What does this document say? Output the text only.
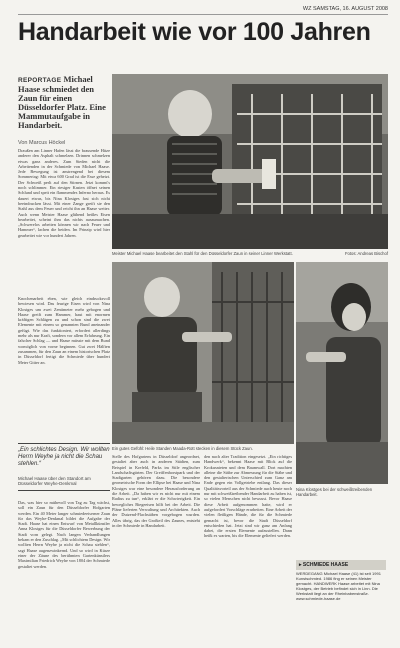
WZ SAMSTAG, 16. AUGUST 2008
Handarbeit wie vor 100 Jahren
REPORTAGE Michael Haase schmiedet den Zaun für einen Düsseldorfer Platz. Eine Mammutaufgabe in Handarbeit.
Von Marcus Höckel
Meister Michael Haase bearbeitet den Stahl für den Düsseldorfer Zaun in seiner Linner Werkstatt.	Fotos: Andreas Bischof
Draußen am Linner Hafen lässt die brausende Hitze anderer den Asphalt schmelzen. Drinnen schmelzen etwas ganz anderes. Zum Sieden nicht die Arbeitenden in der Schmiede von Michael Haase. Jede Bewegung ist anstrengend bei diesem Sommertag: Mit etwa 600 Grad ist die Esse geheizt. Der Schweiß perlt auf den Stirnen. Jetzt kommt's noch schlimmer. Ein riesiger Kasten öffnet seinen Schlund und speit ein flammendes Inferno heraus. Es dauert etwas, bis Nina Klostges fast sich nicht beeindrucken lässt. Mit einer Zange greift sie den Stahl aus dem Feuer und reicht ihn an Haase weiter. Auch wenn Meister Haase glühend heißes Eisen bearbeitet, scheint ihm das nichts auszumachen. „Schwerelos arbeiten können wir nach Feuer und Hammer“, lachen die beiden. Im Prinzip wird hier gearbeitet wie vor hundert Jahren.
Knochenarbeit eben, wie gleich eindrucksvoll bewiesen wird. Das feurige Eisen wird von Nina Klostges um zwei Zentimeter mehr gebogen und Haase greift zum Hammer, haut mit enormen kräftigen Schlägen zu und schon sind die zwei Elemente mit einem so genannten Bund aneinander gefügt. Wie das funktioniert, erfordert allerdings mehr als nur Kraft, sondern vor allem Erfahrung. Ein falscher Schlag — und Haase müsste mit dem Bund womöglich von vorne beginnen. Gut zwei Hälften zusammen, für den Zaun an einem historischen Platz in Düsseldorf fertigt die Schmiede über hundert Meter Gitter an.
Ein gutes Gefühl: Heile Standen Maada-Rott stecken in diesem Stück Zaun.
Nina Klostges bei der schweißtreibenden Handarbeit.
„Ein schlichtes Design. Wir wollten Herrn Weyhe ja nicht die Schau stehlen.“
Michael Haase über den Standort am Düsseldorfer Weyhe-Denkmal
Das, was hier so mühevoll von Tag zu Tag wächst, soll ein Zaun für den Düsseldorfer Hofgarten werden. Ein 40 Meter langer schmiedeeiserner Zaun für das Weyhe-Denkmal bildet die Aufgabe der Stadt. Haase hat einen Entwurf von Metallkünstler Anna Klostges für die Düsseldorfer Bewerbung der Stadt vorn gelegt. Nach langen Verhandlungen bekam er den Zuschlag. „Mit schlichtem Design. Wir wollten Herrn Weyhe ja nicht die Schau stehlen“, sagt Haase augenzwinkernd. Und so wird in Kürze einer der Zäune des berühmten Gartenkünstlers Maximilian Friedrich Weyhe von 1804 der Schmiede gestaltet werden.
Stelle des Hofgartens in Düsseldorf angeordnet, gestaltet aber auch in anderen Städten, zum Beispiel in Krefeld, Parks im Stile englischer Landschaftsgärten. Der Greiffenhorstpark und der Stadtgarten gehören dazu. Die besondere geometrische Form der Ellipse bei Haase und Nina Klostges war eine besondere Herausforderung an die Arbeit. „Da haben wir es nicht nur mit einem Radius zu tun“, erklärt er die Schwierigkeit. Ein bewegliches Biegeeisen hilft bei der Arbeit. Die Pläne lieferten Verwaltung und Architekten. Auch der Dutzend-Flachstäben vorgebogen wurden. Alles übrig, das der Großteil des Zaunes, entsteht in der Schmiede in Handarbeit.
den nach alter Tradition eingesetzt. „Ein richtiges Handwerk“, bekennt Haase mit Blick auf die Krokusnieten und dem Baumwall. Dort machten alleine die Stäbe zur Abmessung für die Stäbe und den gestalterischen Unterschied zum Ganz am Ende gegen ein Vollgetriebe entlang. Das dieser Qualitätsvorteil aus der Schmiede auch heute noch nur mit schweißtreibender Handarbeit zu haben ist, so vielen Menschen nicht bewusst. Bevor Haase diese Arbeit aufgenommen hatte, wird er aufgefordert Vorschläge erarbeiten. Eine Arbeit der vielen fleißigen Hände, die für die Schmiede gemacht ist, bevor die Stadt Düsseldorf entschieden hat. Jetzt sind wir ganz am Anfang dabei, die ersten Elemente aufzustellen. Dann heißt es warten, bis die Elemente geliefert werden.
▸ SCHMIEDE HAASE
WERDEGANG Michael Haase (41) ist seit 1991 Kunstschmied. 1986 fing er seinen Meister gemacht. HANDWERK Haase arbeitet mit Nina Klostges, der Betrieb befindet sich in Linn. Die Werkstatt liegt an der Rheinbabenstraße. www.schmiede-haase.de
